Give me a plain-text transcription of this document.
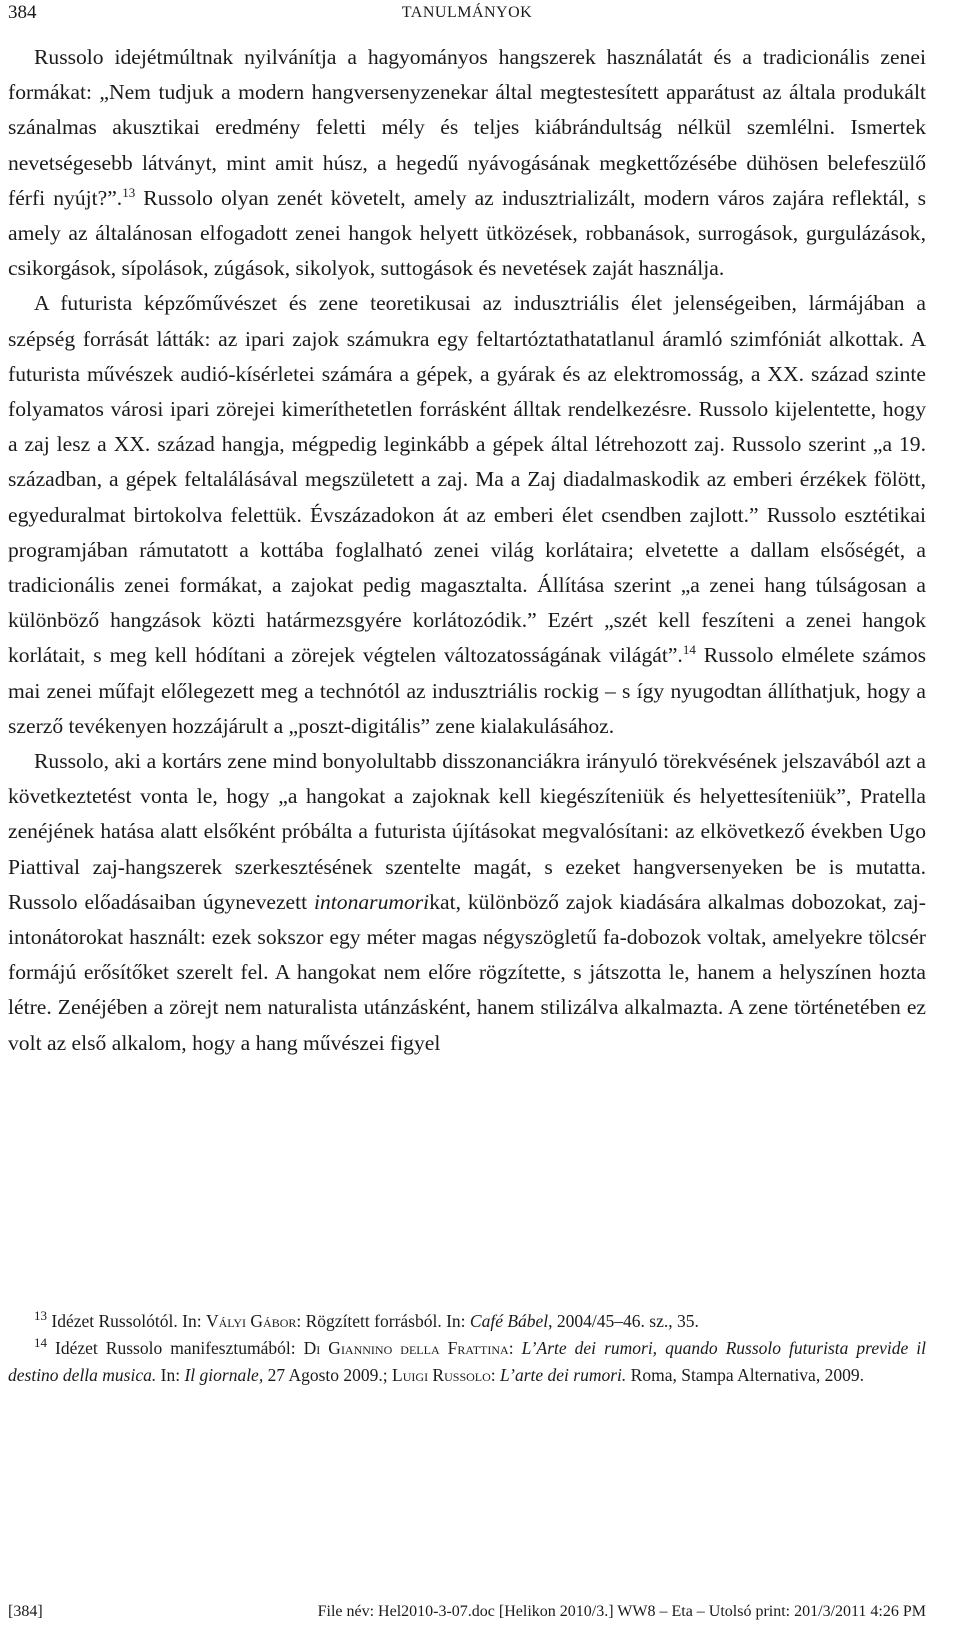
384	TANULMÁNYOK

Russolo idejétmúltnak nyilvánítja a hagyományos hangszerek használatát és a tradicionális zenei formákat: „Nem tudjuk a modern hangversenyzenekar által megtestesített apparátust az általa produkált szánalmas akusztikai eredmény feletti mély és teljes kiábrándultság nélkül szemlélni. Ismertek nevetségesebb látványt, mint amit húsz, a hegedű nyávogásának megkettőzésébe dühösen belefeszülő férfi nyújt?”.$^{13}$ Russolo olyan zenét követelt, amely az indusztrializált, modern város zajára reflektál, s amely az általánosan elfogadott zenei hangok helyett ütközések, robbanások, surrogások, gurgulázások, csikorgások, sípolások, zúgások, sikolyok, suttogások és nevetések zaját használja.

A futurista képzőművészet és zene teoretikusai az indusztriális élet jelenségeiben, lármájában a szépség forrását látták: az ipari zajok számukra egy feltartóztathatatlanul áramló szimfóniát alkottak. A futurista művészek audió-kísérletei számára a gépek, a gyárak és az elektromosság, a XX. század szinte folyamatos városi ipari zörejei kimeríthetetlen forrásként álltak rendelkezésre. Russolo kijelentette, hogy a zaj lesz a XX. század hangja, mégpedig leginkább a gépek által létrehozott zaj. Russolo szerint „a 19. században, a gépek feltalálásával megszületett a zaj. Ma a Zaj diadalmaskodik az emberi érzékek fölött, egyeduralmat birtokolva felettük. Évszázadokon át az emberi élet csendben zajlott.” Russolo esztétikai programjában rámutatott a kottába foglalható zenei világ korlátaira; elvetette a dallam elsőségét, a tradicionális zenei formákat, a zajokat pedig magasztalta. Állítása szerint „a zenei hang túlságosan a különböző hangzások közti határmezsgyére korlátozódik.” Ezért „szét kell feszíteni a zenei hangok korlátait, s meg kell hódítani a zörejek végtelen változatosságának világát”.$^{14}$ Russolo elmélete számos mai zenei műfajt előlegezett meg a technótól az indusztriális rockig – s így nyugodtan állíthatjuk, hogy a szerző tevékenyen hozzájárult a „poszt-digitális” zene kialakulásához.

Russolo, aki a kortárs zene mind bonyolultabb disszonanciákra irányuló törekvésének jelszavából azt a következtetést vonta le, hogy „a hangokat a zajoknak kell kiegészíteniük és helyettesíteniük”, Pratella zenéjének hatása alatt elsőként próbálta a futurista újításokat megvalósítani: az elkövetkező években Ugo Piattival zaj-hangszerek szerkesztésének szentelte magát, s ezeket hangversenyeken be is mutatta. Russolo előadásaiban úgynevezett intonarumorikat, különböző zajok kiadására alkalmas dobozokat, zaj-intonátorokat használt: ezek sokszor egy méter magas négyszögletű fa-dobozok voltak, amelyekre tölcsér formájú erősítőket szerelt fel. A hangokat nem előre rögzítette, s játszotta le, hanem a helyszínen hozta létre. Zenéjében a zörejt nem naturalista utánzásként, hanem stilizálva alkalmazta. A zene történetében ez volt az első alkalom, hogy a hang művészei figyel

$^{13}$ Idézet Russolótól. In: Vályi Gábor: Rögzített forrásból. In: Café Bábel, 2004/45–46. sz., 35.

$^{14}$ Idézet Russolo manifesztumából: Di Giannino della Frattina: L’Arte dei rumori, quando Russolo futurista previde il destino della musica. In: Il giornale, 27 Agosto 2009.; Luigi Russolo: L’arte dei rumori. Roma, Stampa Alternativa, 2009.

[384]	File név: Hel2010-3-07.doc [Helikon 2010/3.] WW8 – Eta – Utolsó print: 201/3/2011 4:26 PM
